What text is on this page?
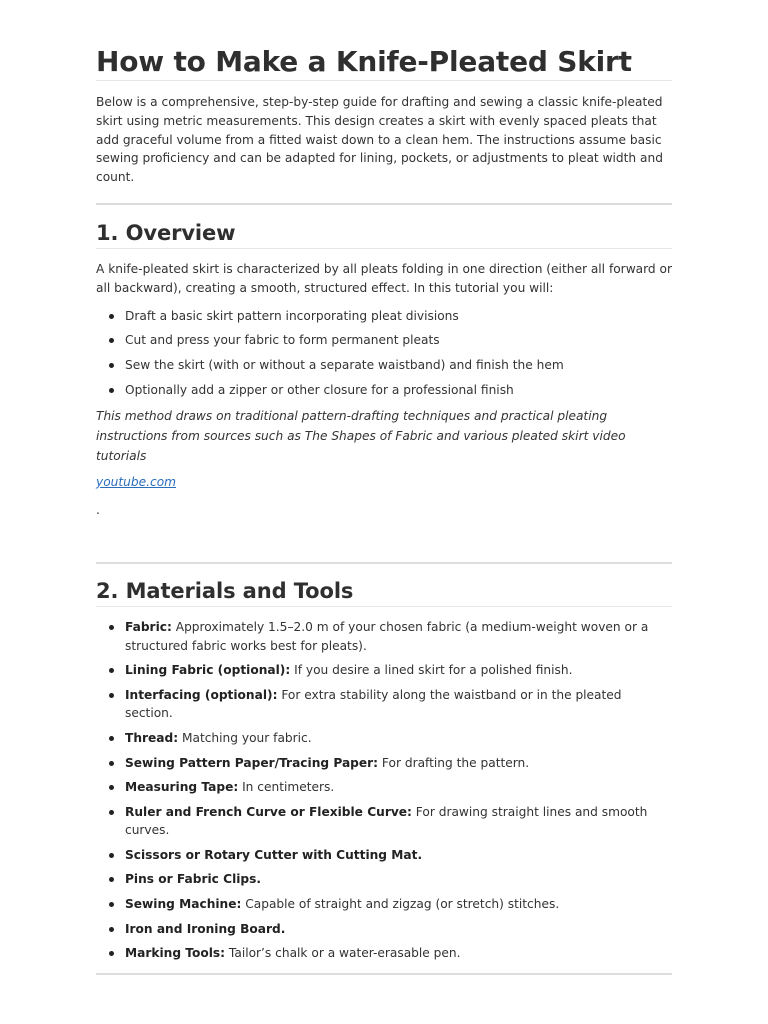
How to Make a Knife-Pleated Skirt

Below is a comprehensive, step-by-step guide for drafting and sewing a classic knife-pleated skirt using metric measurements. This design creates a skirt with evenly spaced pleats that add graceful volume from a fitted waist down to a clean hem. The instructions assume basic sewing proficiency and can be adapted for lining, pockets, or adjustments to pleat width and count.

1. Overview

A knife-pleated skirt is characterized by all pleats folding in one direction (either all forward or all backward), creating a smooth, structured effect. In this tutorial you will:

Draft a basic skirt pattern incorporating pleat divisions
Cut and press your fabric to form permanent pleats
Sew the skirt (with or without a separate waistband) and finish the hem
Optionally add a zipper or other closure for a professional finish

This method draws on traditional pattern-drafting techniques and practical pleating instructions from sources such as The Shapes of Fabric and various pleated skirt video tutorials

youtube.com

.

2. Materials and Tools
Fabric: Approximately 1.5–2.0 m of your chosen fabric (a medium-weight woven or a structured fabric works best for pleats).
Lining Fabric (optional): If you desire a lined skirt for a polished finish.
Interfacing (optional): For extra stability along the waistband or in the pleated section.
Thread: Matching your fabric.
Sewing Pattern Paper/Tracing Paper: For drafting the pattern.
Measuring Tape: In centimeters.
Ruler and French Curve or Flexible Curve: For drawing straight lines and smooth curves.
Scissors or Rotary Cutter with Cutting Mat.
Pins or Fabric Clips.
Sewing Machine: Capable of straight and zigzag (or stretch) stitches.
Iron and Ironing Board.
Marking Tools: Tailor’s chalk or a water-erasable pen.
